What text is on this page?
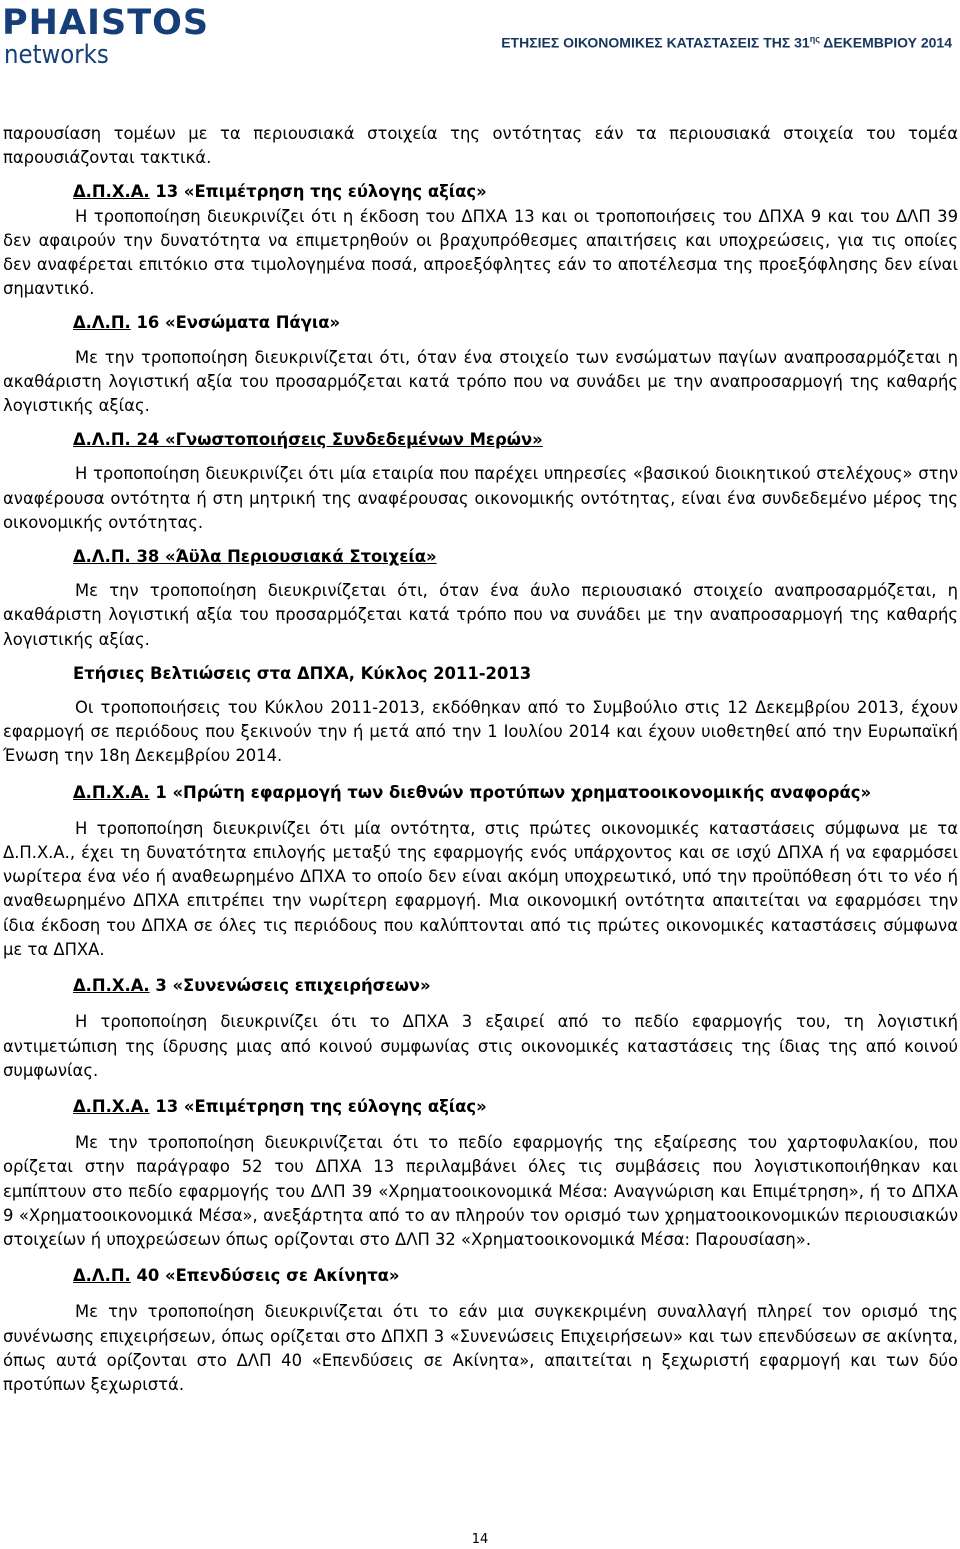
PHAISTOS
networks	ΕΤΗΣΙΕΣ ΟΙΚΟΝΟΜΙΚΕΣ ΚΑΤΑΣΤΑΣΕΙΣ ΤΗΣ $31^{\eta\varsigma}$ ΔΕΚΕΜΒΡΙΟΥ 2014

παρουσίαση τομέων με τα περιουσιακά στοιχεία της οντότητας εάν τα περιουσιακά στοιχεία του τομέα παρουσιάζονται τακτικά.

Δ.Π.Χ.Α. 13 «Επιμέτρηση της εύλογης αξίας»

Η τροποποίηση διευκρινίζει ότι η έκδοση του ΔΠΧΑ 13 και οι τροποποιήσεις του ΔΠΧΑ 9 και του ΔΛΠ 39 δεν αφαιρούν την δυνατότητα να επιμετρηθούν οι βραχυπρόθεσμες απαιτήσεις και υποχρεώσεις, για τις οποίες δεν αναφέρεται επιτόκιο στα τιμολογημένα ποσά, απροεξόφλητες εάν το αποτέλεσμα της προεξόφλησης δεν είναι σημαντικό.

Δ.Λ.Π. 16 «Ενσώματα Πάγια»

Με την τροποποίηση διευκρινίζεται ότι, όταν ένα στοιχείο των ενσώματων παγίων αναπροσαρμόζεται η ακαθάριστη λογιστική αξία του προσαρμόζεται κατά τρόπο που να συνάδει με την αναπροσαρμογή της καθαρής λογιστικής αξίας.

Δ.Λ.Π. 24 «Γνωστοποιήσεις Συνδεδεμένων Μερών»

Η τροποποίηση διευκρινίζει ότι μία εταιρία που παρέχει υπηρεσίες «βασικού διοικητικού στελέχους» στην αναφέρουσα οντότητα ή στη μητρική της αναφέρουσας οικονομικής οντότητας, είναι ένα συνδεδεμένο μέρος της οικονομικής οντότητας.

Δ.Λ.Π. 38 «Άϋλα Περιουσιακά Στοιχεία»

Με την τροποποίηση διευκρινίζεται ότι, όταν ένα άυλο περιουσιακό στοιχείο αναπροσαρμόζεται, η ακαθάριστη λογιστική αξία του προσαρμόζεται κατά τρόπο που να συνάδει με την αναπροσαρμογή της καθαρής λογιστικής αξίας.

Ετήσιες Βελτιώσεις στα ΔΠΧΑ, Κύκλος 2011-2013

Οι τροποποιήσεις του Κύκλου 2011-2013, εκδόθηκαν από το Συμβούλιο στις 12 Δεκεμβρίου 2013, έχουν εφαρμογή σε περιόδους που ξεκινούν την ή μετά από την 1 Ιουλίου 2014 και έχουν υιοθετηθεί από την Ευρωπαϊκή Ένωση την 18η Δεκεμβρίου 2014.

Δ.Π.Χ.Α. 1 «Πρώτη εφαρμογή των διεθνών προτύπων χρηματοοικονομικής αναφοράς»

Η τροποποίηση διευκρινίζει ότι μία οντότητα, στις πρώτες οικονομικές καταστάσεις σύμφωνα με τα Δ.Π.Χ.Α., έχει τη δυνατότητα επιλογής μεταξύ της εφαρμογής ενός υπάρχοντος και σε ισχύ ΔΠΧΑ ή να εφαρμόσει νωρίτερα ένα νέο ή αναθεωρημένο ΔΠΧΑ το οποίο δεν είναι ακόμη υποχρεωτικό, υπό την προϋπόθεση ότι το νέο ή αναθεωρημένο ΔΠΧΑ επιτρέπει την νωρίτερη εφαρμογή. Μια οικονομική οντότητα απαιτείται να εφαρμόσει την ίδια έκδοση του ΔΠΧΑ σε όλες τις περιόδους που καλύπτονται από τις πρώτες οικονομικές καταστάσεις σύμφωνα με τα ΔΠΧΑ.

Δ.Π.Χ.Α. 3 «Συνενώσεις επιχειρήσεων»

Η τροποποίηση διευκρινίζει ότι το ΔΠΧΑ 3 εξαιρεί από το πεδίο εφαρμογής του, τη λογιστική αντιμετώπιση της ίδρυσης μιας από κοινού συμφωνίας στις οικονομικές καταστάσεις της ίδιας της από κοινού συμφωνίας.

Δ.Π.Χ.Α. 13 «Επιμέτρηση της εύλογης αξίας»

Με την τροποποίηση διευκρινίζεται ότι το πεδίο εφαρμογής της εξαίρεσης του χαρτοφυλακίου, που ορίζεται στην παράγραφο 52 του ΔΠΧΑ 13 περιλαμβάνει όλες τις συμβάσεις που λογιστικοποιήθηκαν και εμπίπτουν στο πεδίο εφαρμογής του ΔΛΠ 39 «Χρηματοοικονομικά Μέσα: Αναγνώριση και Επιμέτρηση», ή το ΔΠΧΑ 9 «Χρηματοοικονομικά Μέσα», ανεξάρτητα από το αν πληρούν τον ορισμό των χρηματοοικονομικών περιουσιακών στοιχείων ή υποχρεώσεων όπως ορίζονται στο ΔΛΠ 32 «Χρηματοοικονομικά Μέσα: Παρουσίαση».

Δ.Λ.Π. 40 «Επενδύσεις σε Ακίνητα»

Με την τροποποίηση διευκρινίζεται ότι το εάν μια συγκεκριμένη συναλλαγή πληρεί τον ορισμό της συνένωσης επιχειρήσεων, όπως ορίζεται στο ΔΠΧΠ 3 «Συνενώσεις Επιχειρήσεων» και των επενδύσεων σε ακίνητα, όπως αυτά ορίζονται στο ΔΛΠ 40 «Επενδύσεις σε Ακίνητα», απαιτείται η ξεχωριστή εφαρμογή και των δύο προτύπων ξεχωριστά.

14
